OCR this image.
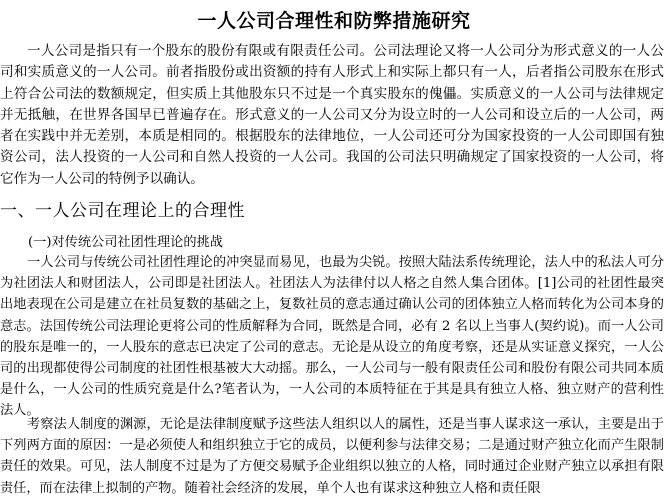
一人公司合理性和防弊措施研究

一人公司是指只有一个股东的股份有限或有限责任公司。公司法理论又将一人公司分为形式意义的一人公司和实质意义的一人公司。前者指股份或出资额的持有人形式上和实际上都只有一人，后者指公司股东在形式上符合公司法的数额规定，但实质上其他股东只不过是一个真实股东的傀儡。实质意义的一人公司与法律规定并无抵触，在世界各国早已普遍存在。形式意义的一人公司又分为设立时的一人公司和设立后的一人公司，两者在实践中并无差别，本质是相同的。根据股东的法律地位，一人公司还可分为国家投资的一人公司即国有独资公司，法人投资的一人公司和自然人投资的一人公司。我国的公司法只明确规定了国家投资的一人公司，将它作为一人公司的特例予以确认。

一、一人公司在理论上的合理性
(一)对传统公司社团性理论的挑战

一人公司与传统公司社团性理论的冲突显而易见，也最为尖锐。按照大陆法系传统理论，法人中的私法人可分为社团法人和财团法人，公司即是社团法人。社团法人为法律付以人格之自然人集合团体。[1]公司的社团性最突出地表现在公司是建立在社员复数的基础之上，复数社员的意志通过确认公司的团体独立人格而转化为公司本身的意志。法国传统公司法理论更将公司的性质解释为合同，既然是合同，必有 2 名以上当事人(契约说)。而一人公司的股东是唯一的，一人股东的意志已决定了公司的意志。无论是从设立的角度考察，还是从实证意义探究，一人公司的出现都使得公司制度的社团性根基被大大动摇。那么，一人公司与一般有限责任公司和股份有限公司共同本质是什么，一人公司的性质究竟是什么?笔者认为，一人公司的本质特征在于其是具有独立人格、独立财产的营利性法人。

考察法人制度的渊源，无论是法律制度赋予这些法人组织以人的属性，还是当事人谋求这一承认，主要是出于下列两方面的原因：一是必须使人和组织独立于它的成员，以便利参与法律交易；二是通过财产独立化而产生限制责任的效果。可见，法人制度不过是为了方便交易赋予企业组织以独立的人格，同时通过企业财产独立以承担有限责任，而在法律上拟制的产物。随着社会经济的发展，单个人也有谋求这种独立人格和责任限
